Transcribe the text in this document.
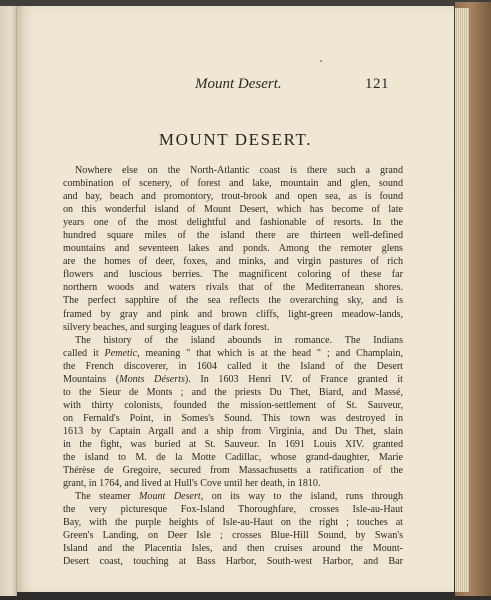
Mount Desert.	121
MOUNT DESERT.
Nowhere else on the North-Atlantic coast is there such a grand
combination of scenery, of forest and lake, mountain and glen, sound
and bay, beach and promontory, trout-brook and open sea, as is found
on this wonderful island of Mount Desert, which has become of late
years one of the most delightful and fashionable of resorts. In the
hundred square miles of the island there are thirteen well-defined
mountains and seventeen lakes and ponds. Among the remoter glens
are the homes of deer, foxes, and minks, and virgin pastures of rich
flowers and luscious berries. The magnificent coloring of these far
northern woods and waters rivals that of the Mediterranean shores.
The perfect sapphire of the sea reflects the overarching sky, and is
framed by gray and pink and brown cliffs, light-green meadow-lands,
silvery beaches, and surging leagues of dark forest.
The history of the island abounds in romance. The Indians
called it Pemetic, meaning " that which is at the head " ; and Champlain,
the French discoverer, in 1604 called it the Island of the Desert
Mountains (Monts Déserts). In 1603 Henri IV. of France granted it
to the Sieur de Monts ; and the priests Du Thet, Biard, and Massé,
with thirty colonists, founded the mission-settlement of St. Sauveur,
on Fernald's Point, in Somes's Sound. This town was destroyed in
1613 by Captain Argall and a ship from Virginia, and Du Thet, slain
in the fight, was buried at St. Sauveur. In 1691 Louis XIV. granted
the island to M. de la Motte Cadillac, whose grand-daughter, Marie
Thérèse de Gregoire, secured from Massachusetts a ratification of the
grant, in 1764, and lived at Hull's Cove until her death, in 1810.
The steamer Mount Desert, on its way to the island, runs through
the very picturesque Fox-Island Thoroughfare, crosses Isle-au-Haut
Bay, with the purple heights of Isle-au-Haut on the right ; touches at
Green's Landing, on Deer Isle ; crosses Blue-Hill Sound, by Swan's
Island and the Placentia Isles, and then cruises around the Mount-
Desert coast, touching at Bass Harbor, South-west Harbor, and Bar
